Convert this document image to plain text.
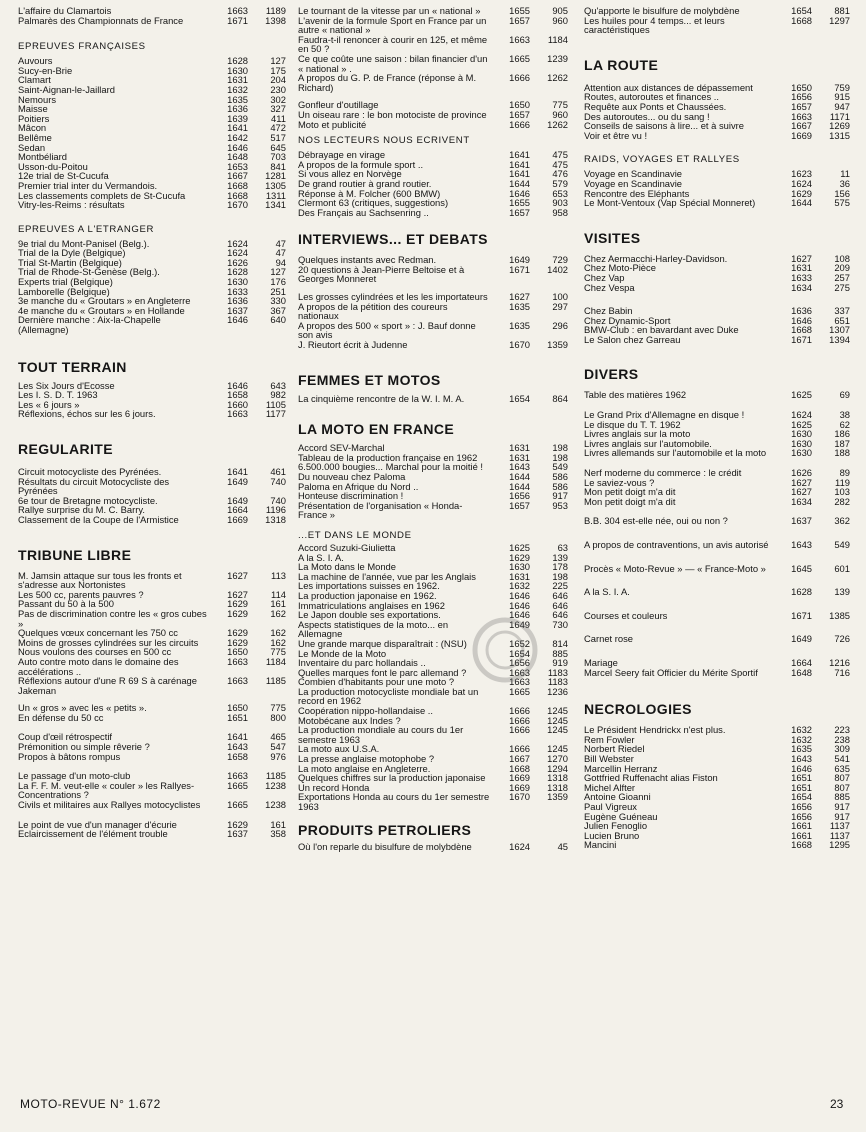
L'affaire du Clamartois	1663	1189
Palmarès des Championnats de France	1671	1398
EPREUVES FRANÇAISES
Auvours	1628	127
Sucy-en-Brie	1630	175
Clamart	1631	204
Saint-Aignan-le-Jaillard	1632	230
Nemours	1635	302
Maisse	1636	327
Poitiers	1639	411
Mâcon	1641	472
Bellême	1642	517
Sedan	1646	645
Montbéliard	1648	703
Usson-du-Poitou	1653	841
12e trial de St-Cucufa	1667	1281
Premier trial inter du Vermandois.	1668	1305
Les classements complets de St-Cucufa	1668	1311
Vitry-les-Reims : résultats	1670	1341
EPREUVES A L'ETRANGER
9e trial du Mont-Panisel (Belg.).	1624	47
Trial de la Dyle (Belgique)	1624	47
Trial St-Martin (Belgique)	1626	94
Trial de Rhode-St-Genèse (Belg.).	1628	127
Experts trial (Belgique)	1630	176
Lamborelle (Belgique)	1633	251
3e manche du « Groutars » en Angleterre	1636	330
4e manche du « Groutars » en Hollande	1637	367
Dernière manche : Aix-la-Chapelle (Allemagne)
1646	640
TOUT TERRAIN
Les Six Jours d'Ecosse	1646	643
Les I. S. D. T. 1963	1658	982
Les « 6 jours »	1660	1105
Réflexions, échos sur les 6 jours.	1663	1177
REGULARITE
Circuit motocycliste des Pyrénées.	1641	461
Résultats du circuit Motocycliste des Pyrénées
1649	740
6e tour de Bretagne motocycliste.	1649	740
Rallye surprise du M. C. Barry.	1664	1196
Classement de la Coupe de l'Armistice	1669	1318
TRIBUNE LIBRE
M. Jamsin attaque sur tous les fronts et s'adresse aux Nortonistes
1627	113
Les 500 cc, parents pauvres ?	1627	114
Passant du 50 à la 500	1629	161
Pas de discrimination contre les « gros cubes »
1629	162
Quelques vœux concernant les 750 cc	1629	162
Moins de grosses cylindrées sur les circuits	1629	162
Nous voulons des courses en 500 cc	1650	775
Auto contre moto dans le domaine des accélérations ..
1663	1184
Réflexions autour d'une R 69 S à carénage Jakeman
1663	1185
Un « gros » avec les « petits ».	1650	775
En défense du 50 cc	1651	800
Coup d'œil rétrospectif	1641	465
Prémonition ou simple rêverie ?	1643	547
Propos à bâtons rompus	1658	976
Le passage d'un moto-club	1663	1185
La F. F. M. veut-elle « couler » les Rallyes-Concentrations ?
1665	1238
Civils et militaires aux Rallyes motocyclistes	1665	1238
Le point de vue d'un manager d'écurie	1629	161
Eclaircissement de l'élément trouble	1637	358
Le tournant de la vitesse par un « national »	1655	905
L'avenir de la formule Sport en France par un autre « national »
1657	960
Faudra-t-il renoncer à courir en 125, et même en 50 ?
1663	1184
Ce que coûte une saison : bilan financier d'un « national » .
1665	1239
A propos du G. P. de France (réponse à M. Richard)
1666	1262
Gonfleur d'outillage	1650	775
Un oiseau rare : le bon motociste de province	1657	960
Moto et publicité	1666	1262
NOS LECTEURS NOUS ECRIVENT
Débrayage en virage	1641	475
A propos de la formule sport ..	1641	475
Si vous allez en Norvège	1641	476
De grand routier à grand routier.	1644	579
Réponse à M. Folcher (600 BMW)	1646	653
Clermont 63 (critiques, suggestions)	1655	903
Des Français au Sachsenring ..	1657	958
INTERVIEWS... ET DEBATS
Quelques instants avec Redman.	1649	729
20 questions à Jean-Pierre Beltoise et à Georges Monneret
1671	1402
Les grosses cylindrées et les les importateurs	1627	100
A propos de la pétition des coureurs nationaux
1635	297
A propos des 500 « sport » : J. Bauf donne son avis
1635	296
J. Rieutort écrit à Judenne	1670	1359
FEMMES ET MOTOS
La cinquième rencontre de la W. I. M. A.	1654	864
LA MOTO EN FRANCE
Accord SEV-Marchal	1631	198
Tableau de la production française en 1962	1631	198
6.500.000 bougies... Marchal pour la moitié !	1643	549
Du nouveau chez Paloma	1644	586
Paloma en Afrique du Nord ..	1644	586
Honteuse discrimination !	1656	917
Présentation de l'organisation « Honda-France »
1657	953
...ET DANS LE MONDE
Accord Suzuki-Giulietta	1625	63
A la S. I. A.	1629	139
La Moto dans le Monde	1630	178
La machine de l'année, vue par les Anglais	1631	198
Les importations suisses en 1962.	1632	225
La production japonaise en 1962.	1646	646
Immatriculations anglaises en 1962	1646	646
Le Japon double ses exportations.	1646	646
Aspects statistiques de la moto... en Allemagne
1649	730
Une grande marque disparaîtrait : (NSU)	1652	814
Le Monde de la Moto	1654	885
Inventaire du parc hollandais ..	1656	919
Quelles marques font le parc allemand ?	1663	1183
Combien d'habitants pour une moto ?	1663	1183
La production motocycliste mondiale bat un record en 1962
1665	1236
Coopération nippo-hollandaise ..	1666	1245
Motobécane aux Indes ?	1666	1245
La production mondiale au cours du 1er semestre 1963
1666	1245
La moto aux U.S.A.	1666	1245
La presse anglaise motophobe ?	1667	1270
La moto anglaise en Angleterre.	1668	1294
Quelques chiffres sur la production japonaise	1669	1318
Un record Honda	1669	1318
Exportations Honda au cours du 1er semestre 1963
1670	1359
PRODUITS PETROLIERS
Où l'on reparle du bisulfure de molybdène	1624	45
Qu'apporte le bisulfure de molybdène	1654	881
Les huiles pour 4 temps... et leurs caractéristiques
1668	1297
LA ROUTE
Attention aux distances de dépassement	1650	759
Routes, autoroutes et finances ..	1656	915
Requête aux Ponts et Chaussées.	1657	947
Des autoroutes... ou du sang !	1663	1171
Conseils de saisons à lire... et à suivre	1667	1269
Voir et être vu !	1669	1315
RAIDS, VOYAGES ET RALLYES
Voyage en Scandinavie	1623	11
Voyage en Scandinavie	1624	36
Rencontre des Eléphants	1629	156
Le Mont-Ventoux (Vap Spécial Monneret)	1644	575
VISITES
Chez Aermacchi-Harley-Davidson.	1627	108
Chez Moto-Pièce	1631	209
Chez Vap	1633	257
Chez Vespa	1634	275
Chez Babin	1636	337
Chez Dynamic-Sport	1646	651
BMW-Club : en bavardant avec Duke	1668	1307
Le Salon chez Garreau	1671	1394
DIVERS
Table des matières 1962	1625	69
Le Grand Prix d'Allemagne en disque !	1624	38
Le disque du T. T. 1962	1625	62
Livres anglais sur la moto	1630	186
Livres anglais sur l'automobile.	1630	187
Livres allemands sur l'automobile et la moto	1630	188
Nerf moderne du commerce : le crédit	1626	89
Le saviez-vous ?	1627	119
Mon petit doigt m'a dit	1627	103
Mon petit doigt m'a dit	1634	282
B.B. 304 est-elle née, oui ou non ?	1637	362
A propos de contraventions, un avis autorisé	1643	549
Procès « Moto-Revue » — « France-Moto »	1645	601
A la S. I. A.	1628	139
Courses et couleurs	1671	1385
Carnet rose	1649	726
Mariage	1664	1216
Marcel Seery fait Officier du Mérite Sportif	1648	716
NECROLOGIES
Le Président Hendrickx n'est plus.	1632	223
Rem Fowler	1632	238
Norbert Riedel	1635	309
Bill Webster	1643	541
Marcellin Herranz	1646	635
Gottfried Ruffenacht alias Fiston	1651	807
Michel Alfter	1651	807
Antoine Gioanni	1654	885
Paul Vigreux	1656	917
Eugène Guéneau	1656	917
Julien Fenoglio	1661	1137
Lucien Bruno	1661	1137
Mancini	1668	1295
MOTO-REVUE N° 1.672	23
